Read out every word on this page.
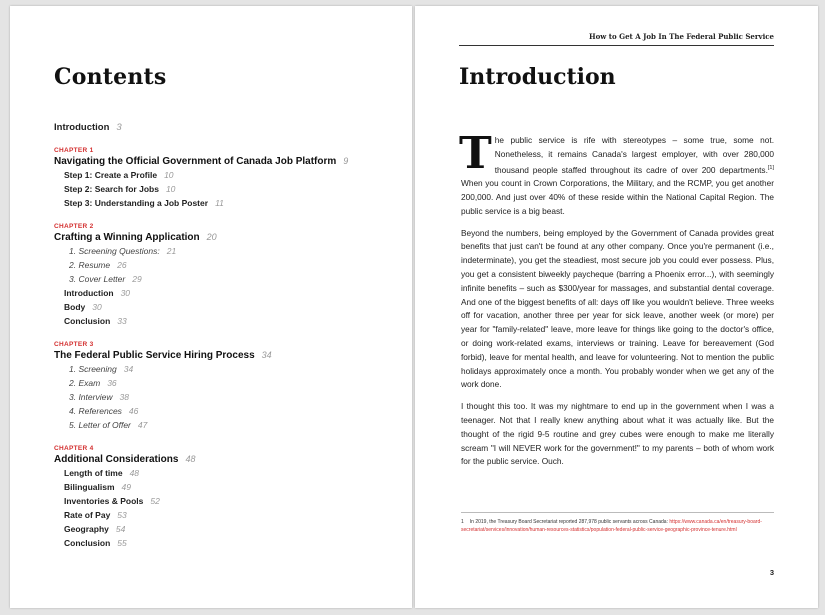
Contents
Introduction 3
CHAPTER 1
Navigating the Official Government of Canada Job Platform 9
Step 1: Create a Profile 10
Step 2: Search for Jobs 10
Step 3: Understanding a Job Poster 11
CHAPTER 2
Crafting a Winning Application 20
1. Screening Questions: 21
2. Resume 26
3. Cover Letter 29
Introduction 30
Body 30
Conclusion 33
CHAPTER 3
The Federal Public Service Hiring Process 34
1. Screening 34
2. Exam 36
3. Interview 38
4. References 46
5. Letter of Offer 47
CHAPTER 4
Additional Considerations 48
Length of time 48
Bilingualism 49
Inventories & Pools 52
Rate of Pay 53
Geography 54
Conclusion 55
How to Get A Job In The Federal Public Service
Introduction

The public service is rife with stereotypes – some true, some not. Nonetheless, it remains Canada's largest employer, with over 280,000 thousand people staffed throughout its cadre of over 200 departments.[1] When you count in Crown Corporations, the Military, and the RCMP, you get another 200,000. And just over 40% of these reside within the National Capital Region. The public service is a big beast.

Beyond the numbers, being employed by the Government of Canada provides great benefits that just can't be found at any other company. Once you're permanent (i.e., indeterminate), you get the steadiest, most secure job you could ever possess. Plus, you get a consistent biweekly paycheque (barring a Phoenix error...), with seemingly infinite benefits – such as $300/year for massages, and substantial dental coverage. And one of the biggest benefits of all: days off like you wouldn't believe. Three weeks off for vacation, another three per year for sick leave, another week (or more) per year for "family-related" leave, more leave for things like going to the doctor's office, or doing work-related exams, interviews or training. Leave for bereavement (God forbid), leave for mental health, and leave for volunteering. Not to mention the public holidays approximately once a month. You probably wonder when we get any of the work done.

I thought this too. It was my nightmare to end up in the government when I was a teenager. Not that I really knew anything about what it was actually like. But the thought of the rigid 9-5 routine and grey cubes were enough to make me literally scream "I will NEVER work for the government!" to my parents – both of whom work for the public service. Ouch.

1 In 2019, the Treasury Board Secretariat reported 287,978 public servants across Canada: https://www.canada.ca/en/treasury-board-secretariat/services/innovation/human-resources-statistics/population-federal-public-service-geographic-province-tenure.html
3
